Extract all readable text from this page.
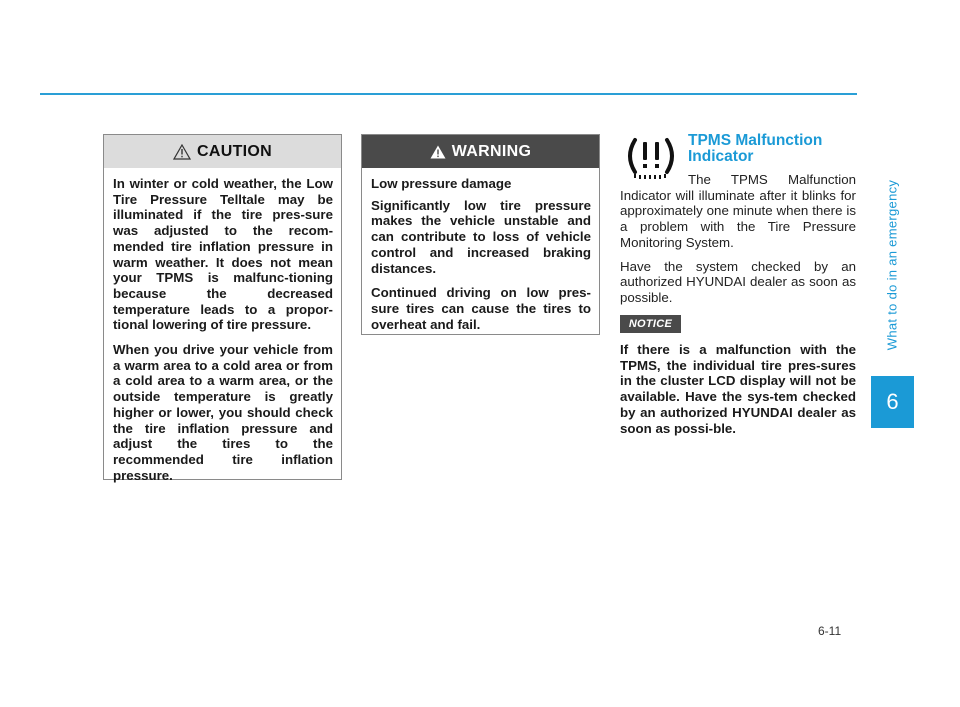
CAUTION

In winter or cold weather, the Low Tire Pressure Telltale may be illuminated if the tire pres-sure was adjusted to the recom-mended tire inflation pressure in warm weather. It does not mean your TPMS is malfunc-tioning because the decreased temperature leads to a propor-tional lowering of tire pressure.

When you drive your vehicle from a warm area to a cold area or from a cold area to a warm area, or the outside temperature is greatly higher or lower, you should check the tire inflation pressure and adjust the tires to the recommended tire inflation pressure.

WARNING

Low pressure damage

Significantly low tire pressure makes the vehicle unstable and can contribute to loss of vehicle control and increased braking distances.

Continued driving on low pres-sure tires can cause the tires to overheat and fail.

TPMS Malfunction Indicator

The TPMS Malfunction Indicator will illuminate after it blinks for approximately one minute when there is a problem with the Tire Pressure Monitoring System.

Have the system checked by an authorized HYUNDAI dealer as soon as possible.

NOTICE

If there is a malfunction with the TPMS, the individual tire pres-sures in the cluster LCD display will not be available. Have the sys-tem checked by an authorized HYUNDAI dealer as soon as possi-ble.

What to do in an emergency
6
6-11
